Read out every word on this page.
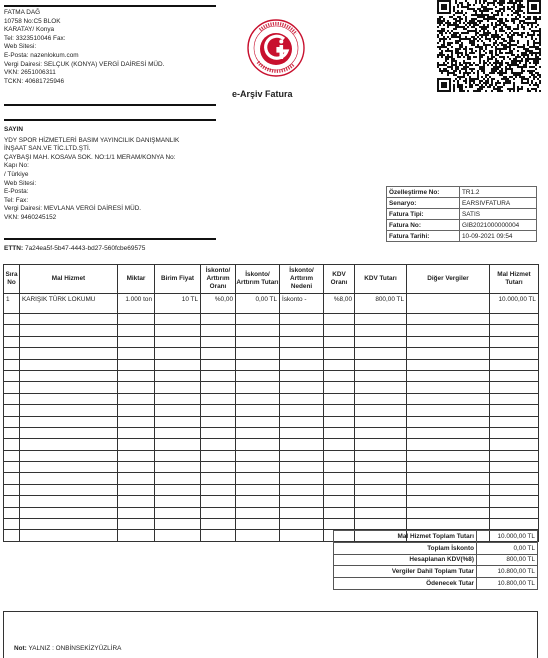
FATMA DAĞ
10758 No:C5 BLOK
KARATAY/ Konya
Tel: 3323510046 Fax:
Web Sitesi:
E-Posta: nazenlokum.com
Vergi Dairesi: SELÇUK (KONYA) VERGİ DAİRESİ MÜD.
VKN: 2651006311
TCKN: 40681725946
e-Arşiv Fatura
SAYIN
YDY SPOR HİZMETLERİ BASIM YAYINCILIK DANIŞMANLIK
İNŞAAT SAN.VE TİC.LTD.ŞTİ.
ÇAYBAŞI MAH. KOSAVA SOK. NO:1/1 MERAM/KONYA No:
Kapı No:
/ Türkiye
Web Sitesi:
E-Posta:
Tel: Fax:
Vergi Dairesi: MEVLANA VERGİ DAİRESİ MÜD.
VKN: 9460245152
ETTN: 7a24ea5f-5b47-4443-bd27-560fcbe69575
Özelleştirme No:	TR1.2
Senaryo:	EARSIVFATURA
Fatura Tipi:	SATIS
Fatura No:	GIB2021000000004
Fatura Tarihi:	10-09-2021 09:54
Sıra No	Mal Hizmet	Miktar	Birim Fiyat	İskonto/ Arttırım Oranı	İskonto/ Arttırım Tutarı	İskonto/ Arttırım Nedeni	KDV Oranı	KDV Tutarı	Diğer Vergiler	Mal Hizmet Tutarı
1	KARIŞIK TÜRK LOKUMU	1.000 ton	10 TL	%0,00	0,00 TL	İskonto -	%8,00	800,00 TL		10.000,00 TL

Mal Hizmet Toplam Tutarı	10.000,00 TL
Toplam İskonto	0,00 TL
Hesaplanan KDV(%8)	800,00 TL
Vergiler Dahil Toplam Tutar	10.800,00 TL
Ödenecek Tutar	10.800,00 TL
Not: YALNIZ : ONBİNSEKİZYÜZLİRA
